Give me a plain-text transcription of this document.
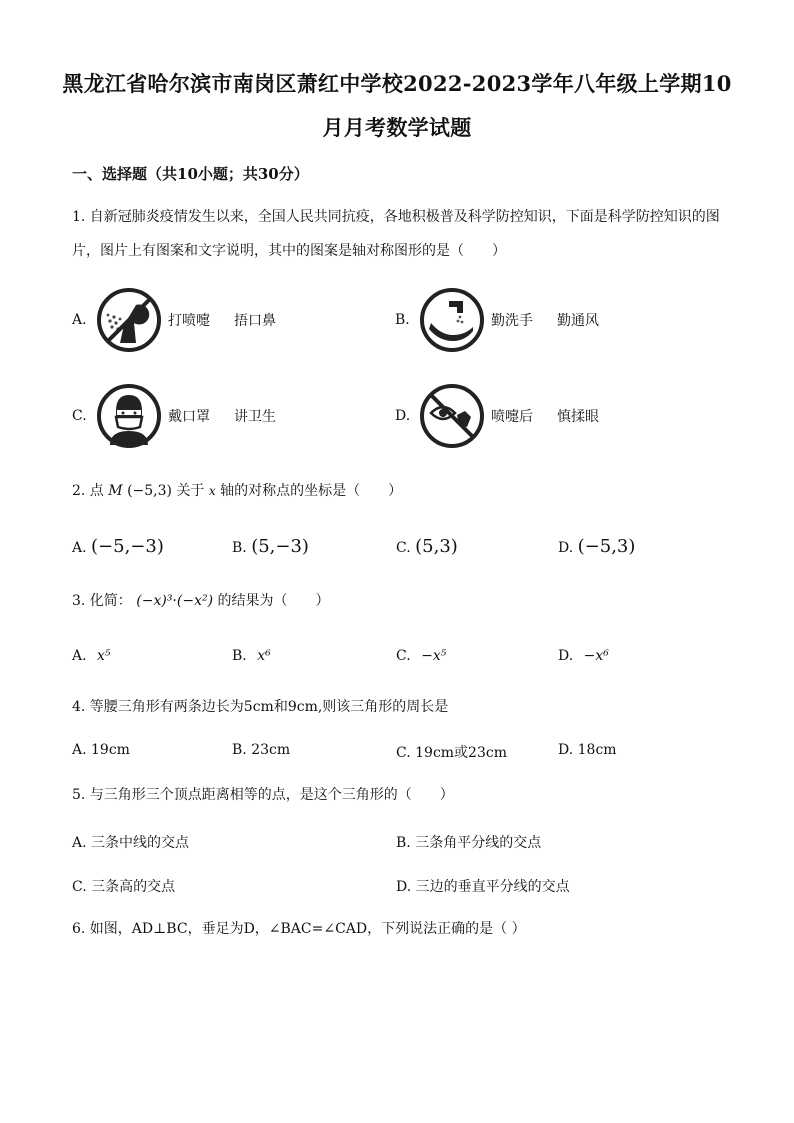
黑龙江省哈尔滨市南岗区萧红中学校2022-2023学年八年级上学期10
月月考数学试题
一、选择题（共10小题；共30分）
1. 自新冠肺炎疫情发生以来，全国人民共同抗疫，各地积极普及科学防控知识，下面是科学防控知识的图
片，图片上有图案和文字说明，其中的图案是轴对称图形的是（　　）
A.	打喷嚏 捂口鼻	B.	勤洗手 勤通风
C.	戴口罩 讲卫生	D.	喷嚏后 慎揉眼
2. 点 M (−5,3) 关于 x 轴的对称点的坐标是（　　）
A. (−5,−3)	B. (5,−3)	C. (5,3)	D. (−5,3)
3. 化简： (−x)³·(−x²) 的结果为（　　）
A. x⁵	B. x⁶	C. −x⁵	D. −x⁶
4. 等腰三角形有两条边长为5cm和9cm,则该三角形的周长是
A. 19cm	B. 23cm	C. 19cm或23cm	D. 18cm
5. 与三角形三个顶点距离相等的点，是这个三角形的（　　）
A. 三条中线的交点	B. 三条角平分线的交点
C. 三条高的交点	D. 三边的垂直平分线的交点
6. 如图，AD⊥BC，垂足为D，∠BAC=∠CAD，下列说法正确的是（ ）
